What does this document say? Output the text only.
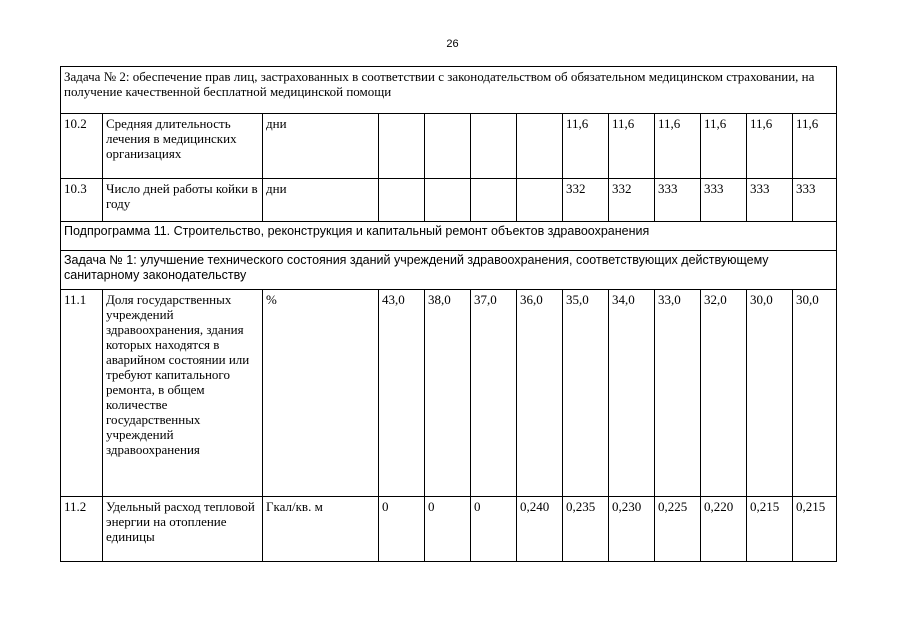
26
Задача № 2: обеспечение прав лиц, застрахованных в соответствии с законодательством об обязательном медицинском страховании, на получение качественной бесплатной медицинской помощи												
10.2	Средняя длительность лечения в медицинских организациях	дни					11,6	11,6	11,6	11,6	11,6	11,6
10.3	Число дней работы койки в году	дни					332	332	333	333	333	333
Подпрограмма 11. Строительство, реконструкция и капитальный ремонт объектов здравоохранения												
Задача № 1: улучшение технического состояния зданий учреждений здравоохранения, соответствующих действующему санитарному законодательству												
11.1	Доля государственных учреждений здравоохранения, здания которых находятся в аварийном состоянии или требуют капитального ремонта, в общем количестве государственных учреждений здравоохранения	%	43,0	38,0	37,0	36,0	35,0	34,0	33,0	32,0	30,0	30,0
11.2	Удельный расход тепловой энергии на отопление единицы	Гкал/кв. м	0	0	0	0,240	0,235	0,230	0,225	0,220	0,215	0,215
